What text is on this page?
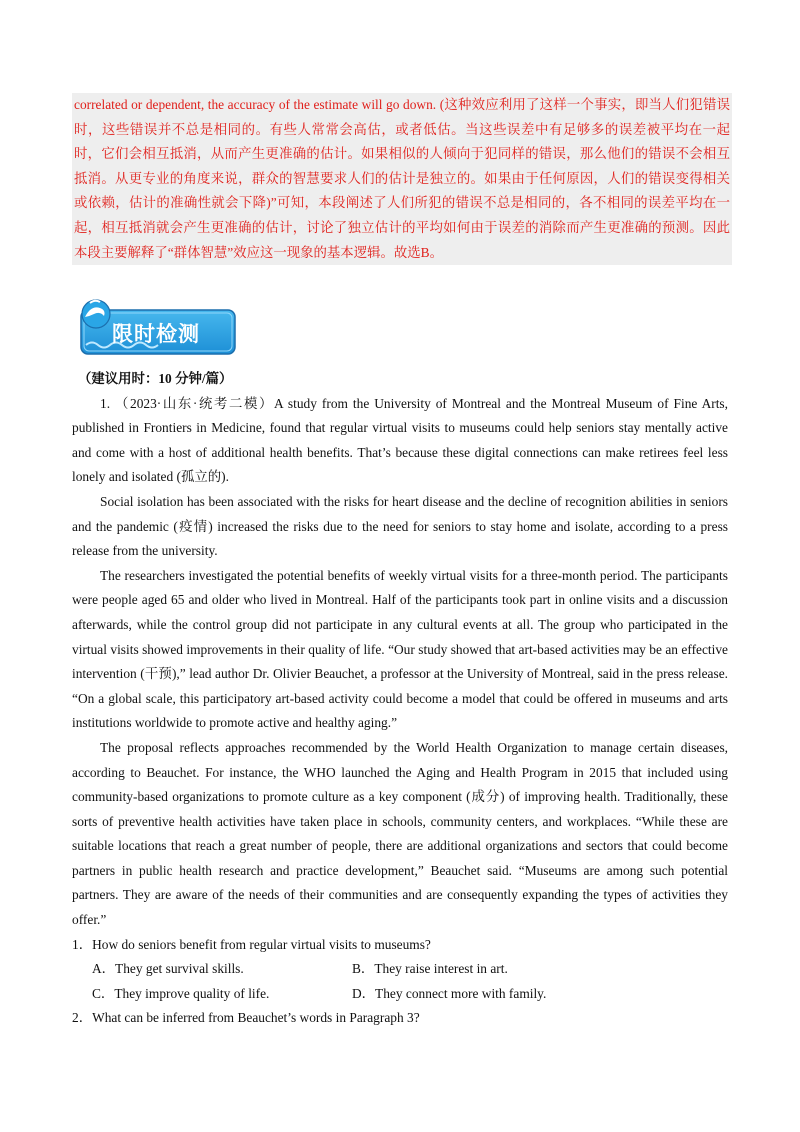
correlated or dependent, the accuracy of the estimate will go down. (这种效应利用了这样一个事实，即当人们犯错误时，这些错误并不总是相同的。有些人常常会高估，或者低估。当这些误差中有足够多的误差被平均在一起时，它们会相互抵消，从而产生更准确的估计。如果相似的人倾向于犯同样的错误，那么他们的错误不会相互抵消。从更专业的角度来说，群众的智慧要求人们的估计是独立的。如果由于任何原因，人们的错误变得相关或依赖，估计的准确性就会下降)”可知，本段阐述了人们所犯的错误不总是相同的，各不相同的误差平均在一起，相互抵消就会产生更准确的估计，讨论了独立估计的平均如何由于误差的消除而产生更准确的预测。因此本段主要解释了“群体智慧”效应这一现象的基本逻辑。故选B。

限时检测

（建议用时：10 分钟/篇）

1. （2023·山东·统考二模）A study from the University of Montreal and the Montreal Museum of Fine Arts, published in Frontiers in Medicine, found that regular virtual visits to museums could help seniors stay mentally active and come with a host of additional health benefits. That’s because these digital connections can make retirees feel less lonely and isolated (孤立的).

Social isolation has been associated with the risks for heart disease and the decline of recognition abilities in seniors and the pandemic (疫情) increased the risks due to the need for seniors to stay home and isolate, according to a press release from the university.

The researchers investigated the potential benefits of weekly virtual visits for a three-month period. The participants were people aged 65 and older who lived in Montreal. Half of the participants took part in online visits and a discussion afterwards, while the control group did not participate in any cultural events at all. The group who participated in the virtual visits showed improvements in their quality of life. “Our study showed that art-based activities may be an effective intervention (干预),” lead author Dr. Olivier Beauchet, a professor at the University of Montreal, said in the press release. “On a global scale, this participatory art-based activity could become a model that could be offered in museums and arts institutions worldwide to promote active and healthy aging.”

The proposal reflects approaches recommended by the World Health Organization to manage certain diseases, according to Beauchet. For instance, the WHO launched the Aging and Health Program in 2015 that included using community-based organizations to promote culture as a key component (成分) of improving health. Traditionally, these sorts of preventive health activities have taken place in schools, community centers, and workplaces. “While these are suitable locations that reach a great number of people, there are additional organizations and sectors that could become partners in public health research and practice development,” Beauchet said. “Museums are among such potential partners. They are aware of the needs of their communities and are consequently expanding the types of activities they offer.”

1．How do seniors benefit from regular virtual visits to museums?

A．They get survival skills.	B．They raise interest in art.
C．They improve quality of life.	D．They connect more with family.

2．What can be inferred from Beauchet’s words in Paragraph 3?
